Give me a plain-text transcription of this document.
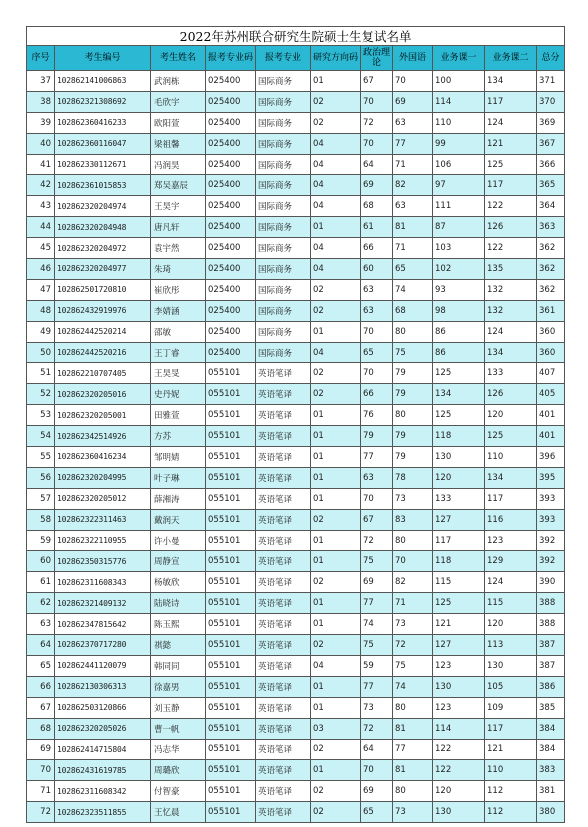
2022年苏州联合研究生院硕士生复试名单										
序号	考生编号	考生姓名	报考专业码	报考专业	研究方向码	政治理论	外国语	业务课一	业务课二	总分
37	102862141006863	武润栋	025400	国际商务	01	67	70	100	134	371
38	102862321308692	毛欣宇	025400	国际商务	02	70	69	114	117	370
39	102862360416233	欧阳萱	025400	国际商务	02	72	63	110	124	369
40	102862360116047	梁祖馨	025400	国际商务	04	70	77	99	121	367
41	102862330112671	冯润昊	025400	国际商务	04	64	71	106	125	366
42	102862361015853	郑吴嘉辰	025400	国际商务	04	69	82	97	117	365
43	102862320204974	王昊宇	025400	国际商务	04	68	63	111	122	364
44	102862320204948	唐凡轩	025400	国际商务	01	61	81	87	126	363
45	102862320204972	袁宇然	025400	国际商务	04	66	71	103	122	362
46	102862320204977	朱琦	025400	国际商务	04	60	65	102	135	362
47	102862501720810	崔欣彤	025400	国际商务	02	63	74	93	132	362
48	102862432919976	李婧涵	025400	国际商务	02	63	68	98	132	361
49	102862442520214	邵敏	025400	国际商务	01	70	80	86	124	360
50	102862442520216	王丁睿	025400	国际商务	04	65	75	86	134	360
51	102862210707405	王昊旻	055101	英语笔译	02	70	79	125	133	407
52	102862320205016	史丹妮	055101	英语笔译	02	66	79	134	126	405
53	102862320205001	田雅萱	055101	英语笔译	01	76	80	125	120	401
54	102862342514926	方苏	055101	英语笔译	01	79	79	118	125	401
55	102862360416234	邹明婧	055101	英语笔译	01	77	79	130	110	396
56	102862320204995	叶子琳	055101	英语笔译	01	63	78	120	134	395
57	102862320205012	薛湘涛	055101	英语笔译	01	70	73	133	117	393
58	102862322311463	戴润天	055101	英语笔译	02	67	83	127	116	393
59	102862322110955	许小曼	055101	英语笔译	01	72	80	117	123	392
60	102862350315776	周静宣	055101	英语笔译	01	75	70	118	129	392
61	102862311608343	杨敏欣	055101	英语笔译	02	69	82	115	124	390
62	102862321409132	陆晓诗	055101	英语笔译	01	77	71	125	115	388
63	102862347815642	陈玉熙	055101	英语笔译	01	74	73	121	120	388
64	102862370717280	祺懿	055101	英语笔译	02	75	72	127	113	387
65	102862441120079	韩同同	055101	英语笔译	04	59	75	123	130	387
66	102862130306313	徐嘉男	055101	英语笔译	01	77	74	130	105	386
67	102862503120866	刘玉静	055101	英语笔译	01	73	80	123	109	385
68	102862320205026	曹一帆	055101	英语笔译	03	72	81	114	117	384
69	102862414715804	冯志华	055101	英语笔译	02	64	77	122	121	384
70	102862431619785	周璐欣	055101	英语笔译	01	70	81	122	110	383
71	102862311608342	付智豪	055101	英语笔译	02	69	80	120	112	381
72	102862323511855	王忆晨	055101	英语笔译	02	65	73	130	112	380
